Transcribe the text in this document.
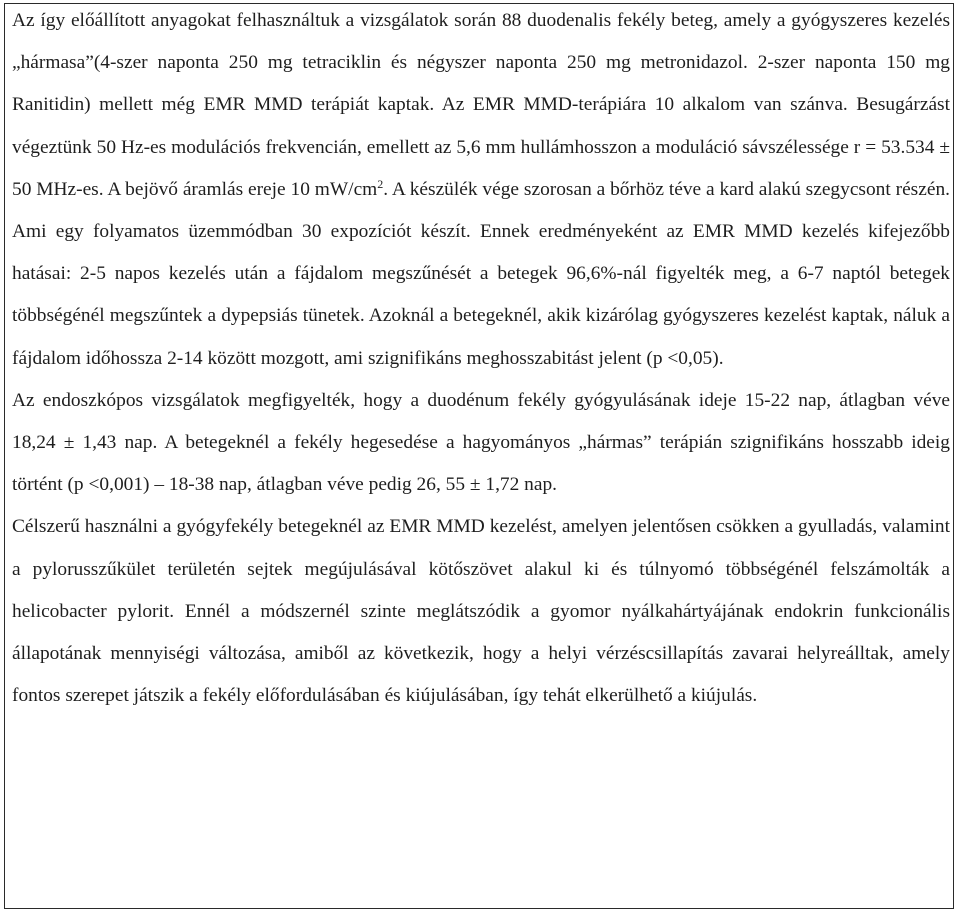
Az így előállított anyagokat felhasználtuk a vizsgálatok során 88 duodenalis fekély beteg, amely a gyógyszeres kezelés „hármasa”(4-szer naponta 250 mg tetraciklin és négyszer naponta 250 mg metronidazol. 2-szer naponta 150 mg Ranitidin) mellett még EMR MMD terápiát kaptak. Az EMR MMD-terápiára 10 alkalom van szánva. Besugárzást végeztünk 50 Hz-es modulációs frekvencián, emellett az 5,6 mm hullámhosszon a moduláció sávszélessége r = 53.534 ± 50 MHz-es. A bejövő áramlás ereje 10 $mW/cm^2$. A készülék vége szorosan a bőrhöz téve a kard alakú szegycsont részén. Ami egy folyamatos üzemmódban 30 expozíciót készít. Ennek eredményeként az EMR MMD kezelés kifejezőbb hatásai: 2-5 napos kezelés után a fájdalom megszűnését a betegek 96,6%-nál figyelték meg, a 6-7 naptól betegek többségénél megszűntek a dypepsiás tünetek. Azoknál a betegeknél, akik kizárólag gyógyszeres kezelést kaptak, náluk a fájdalom időhossza 2-14 között mozgott, ami szignifikáns meghosszabitást jelent (p <0,05).

Az endoszkópos vizsgálatok megfigyelték, hogy a duodénum fekély gyógyulásának ideje 15-22 nap, átlagban véve 18,24 ± 1,43 nap. A betegeknél a fekély hegesedése a hagyományos „hármas” terápián szignifikáns hosszabb ideig történt (p <0,001) – 18-38 nap, átlagban véve pedig 26, 55 ± 1,72 nap.

Célszerű használni a gyógyfekély betegeknél az EMR MMD kezelést, amelyen jelentősen csökken a gyulladás, valamint a pylorusszűkület területén sejtek megújulásával kötőszövet alakul ki és túlnyomó többségénél felszámolták a helicobacter pylorit. Ennél a módszernél szinte meglátszódik a gyomor nyálkahártyájának endokrin funkcionális állapotának mennyiségi változása, amiből az következik, hogy a helyi vérzéscsillapítás zavarai helyreálltak, amely fontos szerepet játszik a fekély előfordulásában és kiújulásában, így tehát elkerülhető a kiújulás.
